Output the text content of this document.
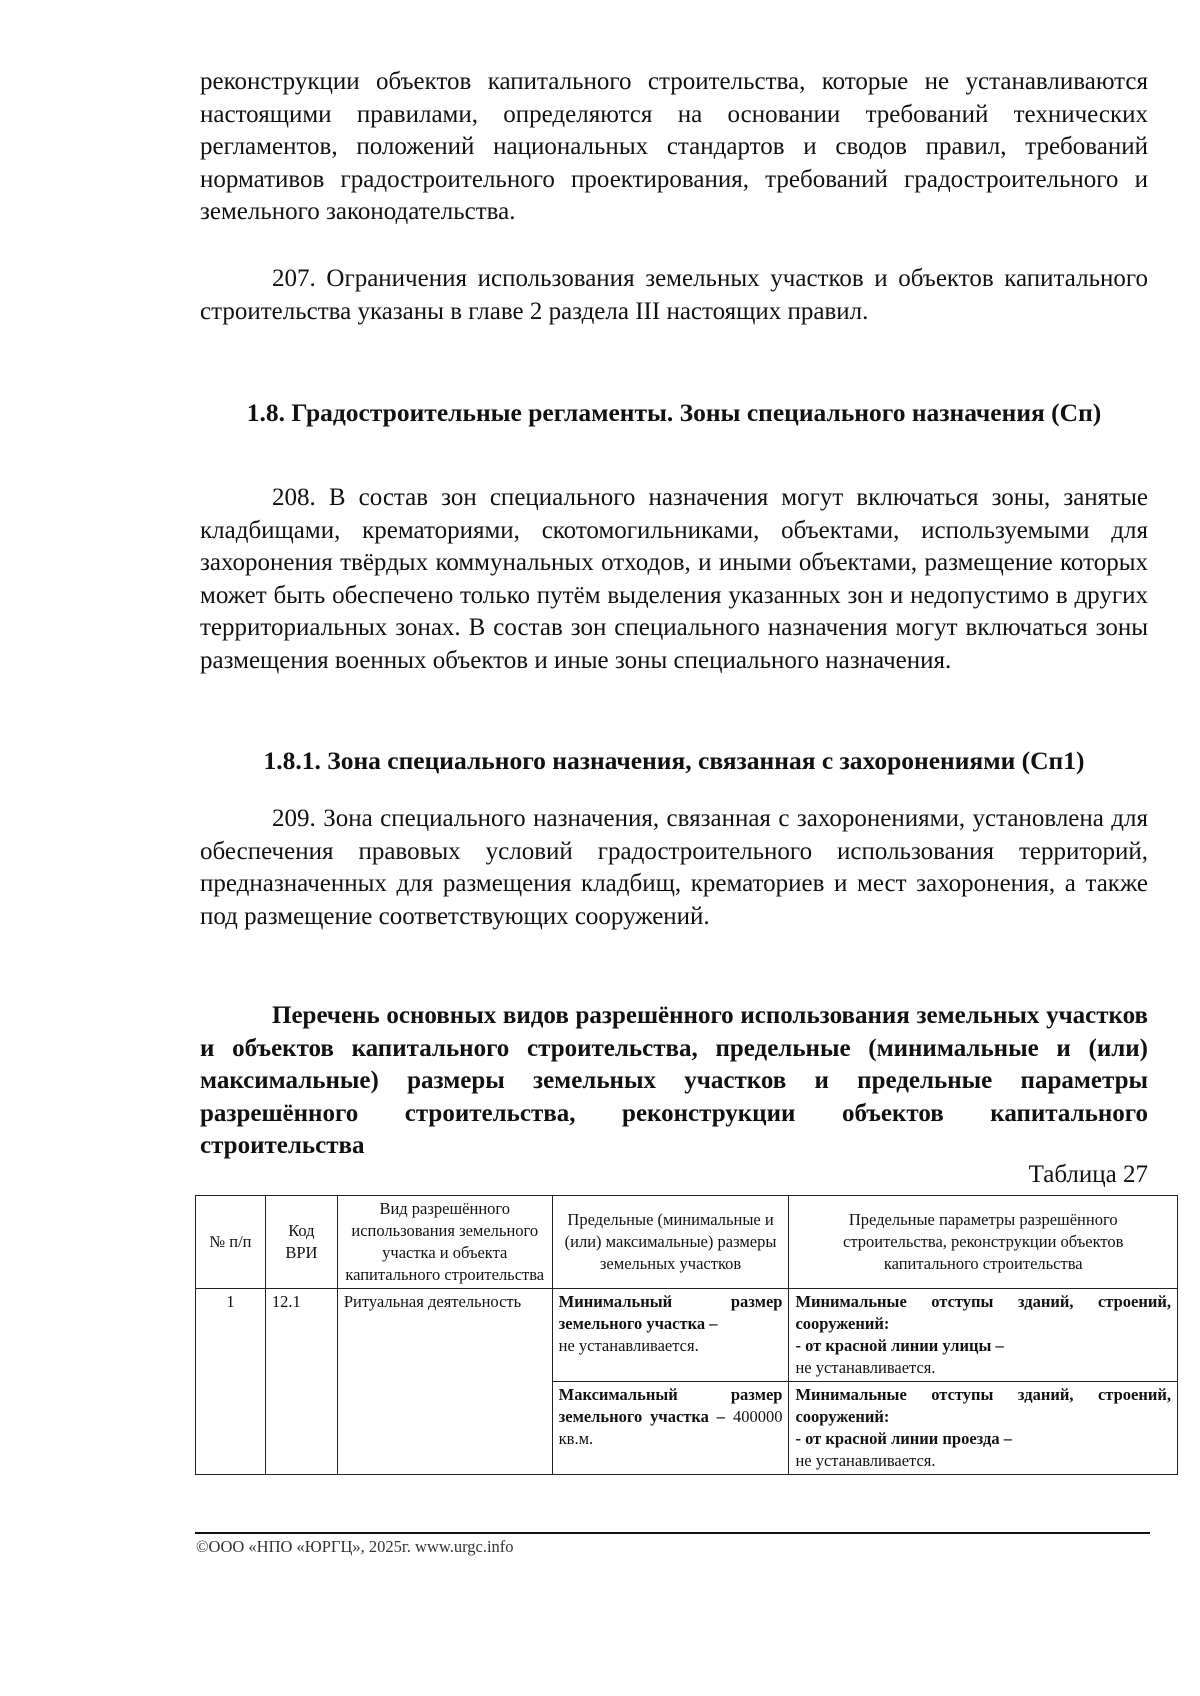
реконструкции объектов капитального строительства, которые не устанавливаются настоящими правилами, определяются на основании требований технических регламентов, положений национальных стандартов и сводов правил, требований нормативов градостроительного проектирования, требований градостроительного и земельного законодательства.

207. Ограничения использования земельных участков и объектов капитального строительства указаны в главе 2 раздела III настоящих правил.

1.8. Градостроительные регламенты. Зоны специального назначения (Сп)

208. В состав зон специального назначения могут включаться зоны, занятые кладбищами, крематориями, скотомогильниками, объектами, используемыми для захоронения твёрдых коммунальных отходов, и иными объектами, размещение которых может быть обеспечено только путём выделения указанных зон и недопустимо в других территориальных зонах. В состав зон специального назначения могут включаться зоны размещения военных объектов и иные зоны специального назначения.

1.8.1. Зона специального назначения, связанная с захоронениями (Сп1)

209. Зона специального назначения, связанная с захоронениями, установлена для обеспечения правовых условий градостроительного использования территорий, предназначенных для размещения кладбищ, крематориев и мест захоронения, а также под размещение соответствующих сооружений.

Перечень основных видов разрешённого использования земельных участков и объектов капитального строительства, предельные (минимальные и (или) максимальные) размеры земельных участков и предельные параметры разрешённого строительства, реконструкции объектов капитального строительства
Таблица 27
№ п/п	Код ВРИ	Вид разрешённого использования земельного участка и объекта капитального строительства	Предельные (минимальные и (или) максимальные) размеры земельных участков	Предельные параметры разрешённого строительства, реконструкции объектов капитального строительства
1	12.1	Ритуальная деятельность	Минимальный размер земельного участка –
не устанавливается.	Минимальные отступы зданий, строений, сооружений:
- от красной линии улицы –
не устанавливается.
			Максимальный размер земельного участка – 400000 кв.м.	Минимальные отступы зданий, строений, сооружений:
- от красной линии проезда –
не устанавливается.
©ООО «НПО «ЮРГЦ», 2025г. www.urgc.info
